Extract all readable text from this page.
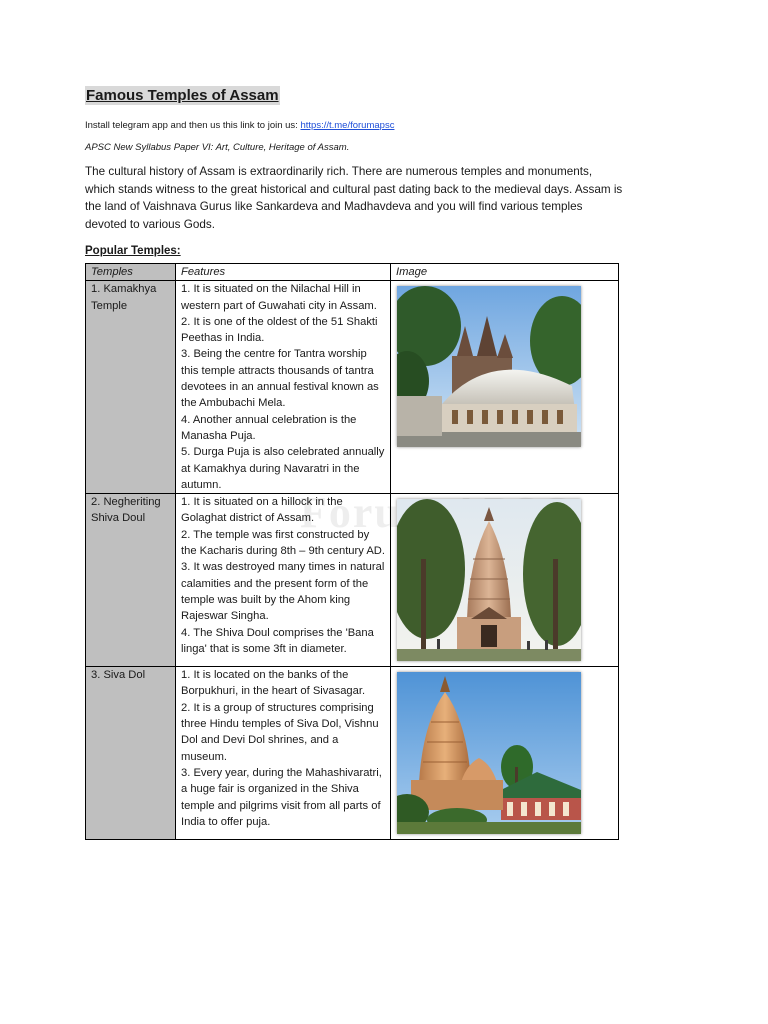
Forum
Famous Temples of Assam

Install telegram app and then us this link to join us: https://t.me/forumapsc

APSC New Syllabus Paper VI: Art, Culture, Heritage of Assam.

The cultural history of Assam is extraordinarily rich. There are numerous temples and monuments, which stands witness to the great historical and cultural past dating back to the medieval days. Assam is the land of Vaishnava Gurus like Sankardeva and Madhavdeva and you will find various temples devoted to various Gods.

Popular Temples:

Temples	Features	Image
1. Kamakhya Temple	1. It is situated on the Nilachal Hill in western part of Guwahati city in Assam.

2. It is one of the oldest of the 51 Shakti Peethas in India.

3. Being the centre for Tantra worship this temple attracts thousands of tantra devotees in an annual festival known as the Ambubachi Mela.

4. Another annual celebration is the Manasha Puja.

5. Durga Puja is also celebrated annually at Kamakhya during Navaratri in the autumn.

2. Negheriting Shiva Doul	1. It is situated on a hillock in the Golaghat district of Assam.

2. The temple was first constructed by the Kacharis during 8th – 9th century AD.

3. It was destroyed many times in natural calamities and the present form of the temple was built by the Ahom king Rajeswar Singha.

4. The Shiva Doul comprises the 'Bana linga' that is some 3ft in diameter.

3. Siva Dol	1. It is located on the banks of the Borpukhuri, in the heart of Sivasagar.

2. It is a group of structures comprising three Hindu temples of Siva Dol, Vishnu Dol and Devi Dol shrines, and a museum.

3. Every year, during the Mahashivaratri, a huge fair is organized in the Shiva temple and pilgrims visit from all parts of India to offer puja.
